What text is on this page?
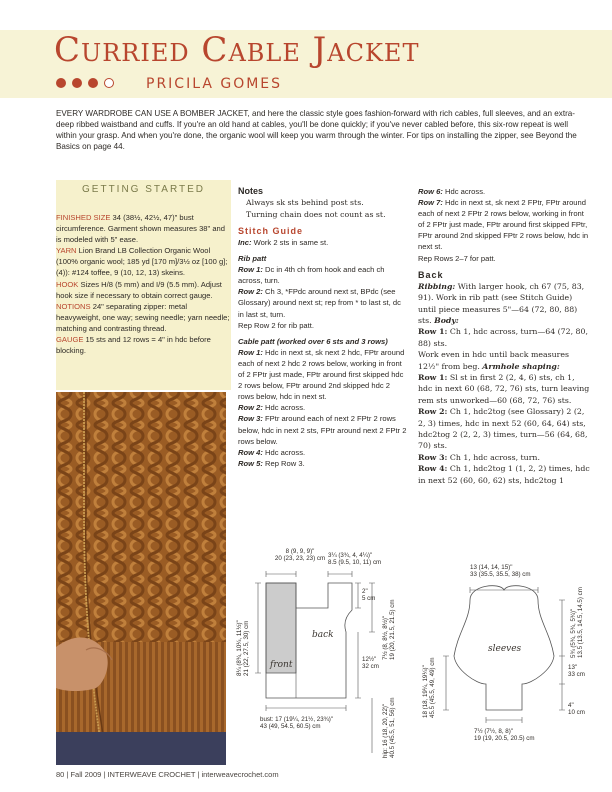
Curried Cable Jacket
PRICILA GOMES
EVERY WARDROBE CAN USE A BOMBER JACKET, and here the classic style goes fashion-forward with rich cables, full sleeves, and an extra-deep ribbed waistband and cuffs. If you're an old hand at cables, you'll be done quickly; if you've never cabled before, this six-row repeat is well within your grasp. And when you're done, the organic wool will keep you warm through the winter. For tips on installing the zipper, see Beyond the Basics on page 44.
GETTING STARTED
FINISHED SIZE 34 (38½, 42½, 47)" bust circumference. Garment shown measures 38" and is modeled with 5" ease.
YARN Lion Brand LB Collection Organic Wool (100% organic wool; 185 yd [170 m]/3½ oz [100 g]; (4)): #124 toffee, 9 (10, 12, 13) skeins.
HOOK Sizes H/8 (5 mm) and I/9 (5.5 mm). Adjust hook size if necessary to obtain correct gauge.
NOTIONS 24" separating zipper: metal heavyweight, one way; sewing needle; yarn needle; matching and contrasting thread.
GAUGE 15 sts and 12 rows = 4" in hdc before blocking.
Notes
Always sk sts behind post sts.
Turning chain does not count as st.
Stitch Guide
Inc: Work 2 sts in same st.
Rib patt
Row 1: Dc in 4th ch from hook and each ch across, turn.
Row 2: Ch 3, *FPdc around next st, BPdc (see Glossary) around next st; rep from * to last st, dc in last st, turn.
Rep Row 2 for rib patt.
Cable patt (worked over 6 sts and 3 rows)
Row 1: Hdc in next st, sk next 2 hdc, FPtr around each of next 2 hdc 2 rows below, working in front of 2 FPtr just made, FPtr around first skipped hdc 2 rows below, FPtr around 2nd skipped hdc 2 rows below, hdc in next st.
Row 2: Hdc across.
Row 3: FPtr around each of next 2 FPtr 2 rows below, hdc in next 2 sts, FPtr around next 2 FPtr 2 rows below.
Row 4: Hdc across.
Row 5: Rep Row 3.
Row 6: Hdc across.
Row 7: Hdc in next st, sk next 2 FPtr, FPtr around each of next 2 FPtr 2 rows below, working in front of 2 FPtr just made, FPtr around first skipped FPtr, FPtr around 2nd skipped FPtr 2 rows below, hdc in next st.
Rep Rows 2–7 for patt.
Back
Ribbing: With larger hook, ch 67 (75, 83, 91). Work in rib patt (see Stitch Guide) until piece measures 5"—64 (72, 80, 88) sts. Body:
Row 1: Ch 1, hdc across, turn—64 (72, 80, 88) sts.
Work even in hdc until back measures 12½" from beg. Armhole shaping:
Row 1: Sl st in first 2 (2, 4, 6) sts, ch 1, hdc in next 60 (68, 72, 76) sts, turn leaving rem sts unworked—60 (68, 72, 76) sts.
Row 2: Ch 1, hdc2tog (see Glossary) 2 (2, 2, 3) times, hdc in next 52 (60, 64, 64) sts, hdc2tog 2 (2, 2, 3) times, turn—56 (64, 68, 70) sts.
Row 3: Ch 1, hdc across, turn.
Row 4: Ch 1, hdc2tog 1 (1, 2, 2) times, hdc in next 52 (60, 60, 62) sts, hdc2tog 1
8 (9, 9, 9)"
20 (23, 23, 23) cm 3¼ (3¾, 4, 4¼)"
8.5 (9.5, 10, 11) cm
2"
5 cm
7½ (8, 8½, 8½)" 19 (20, 21.5, 21.5) cm
8¼ (8¾, 10¼, 11½)" 21 (22, 27.5, 30) cm	12½"
32 cm
hip: 16 (18, 20, 22)" 40.5 (45.5, 51, 56) cm
bust: 17 (19¼, 21½, 23¾)"
43 (49, 54.5, 60.5) cm
back
front
13 (14, 14, 15)"
33 (35.5, 35.5, 38) cm
5¾ (5¾, 5¾, 5¾)" 13.5 (13.5, 14.5, 14.5) cm
13"
33 cm
4"
10 cm
18 (18, 19¼, 19¼)" 45.5 (45.5, 49, 49) cm
7½ (7½, 8, 8)"
19 (19, 20.5, 20.5) cm
sleeves
80 | Fall 2009 | INTERWEAVE CROCHET | interweavecrochet.com
